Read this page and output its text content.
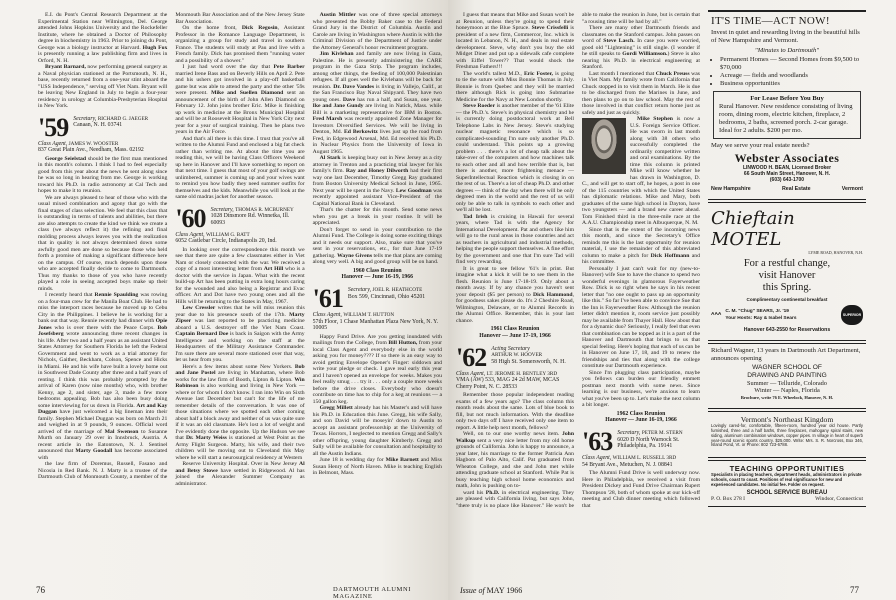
E.I. du Pont's Central Research Department at the Experimental Station near Wilmington, Del. George attended Johns Hopkins University and the Rockefeller Institute, where he obtained a Doctor of Philosophy degree in biochemistry in 1963. Prior to joining du Pont, George was a biology instructor at Harvard. Hugh Fox is presently running a law publishing firm and lives in Orford, N. H.

Bryant Barnard, now performing general surgery as a Naval physician stationed at the Portsmouth, N. H., base, recently returned from a one-year stint aboard the "USS Independence," serving off Viet Nam. Bryant will be leaving New England in July to begin a four-year residency in urology at Columbia-Presbyterian Hospital in New York.

'59 Secretary, RICHARD G. JAEGER
Canaan, N. H. 03741
Class Agent, JAMES W. WOOSTER
837 Great Plain Ave., Needham, Mass. 02192

George Seielstad should be the first man mentioned in this month's column. I think I had to feel especially good from this year about the news he sent along since he was so long in hearing from me. George is working toward his Ph.D. in radio astronomy at Cal Tech and hopes to make it to reunion.

We are always pleased to hear of those who with the usual mixed combination and agony that go with the final stages of class selection. We feel that this class that is outstanding in terms of talents and abilities, but there are also attempts to create the kind we think we create a class (we always reflect it) the refining and final molding process always leaves you with the realization that in quality is not always determined down some awfully good men are done so because those who held forth a promise of making a significant difference here on the campus. Of course, much depends upon those who are accepted finally decide to come to Dartmouth. Thus my thanks to those of you who have recently played a role in seeing accepted boys make up their minds.

I recently heard that Rennie Spaulding was rowing on a four-man crew for the Manila Boat Club. He had to miss the interport races because he moved up to Cebu City in the Philippines. I believe he is working for a bank out that way. Rennie recently had dinner with Opie Jones who is over there with the Peace Corps. Bob Josefsberg wrote announcing three recent changes in his life. After two and a half years as an assistant United States Attorney for Southern Florida he left the Federal Government and went to work as a trial attorney for Nichols, Gaither, Beckham, Colson, Spence and Hicks in Miami. He and his wife have built a lovely home out in Southwest Dade County after three and a half years of renting. I think this was probably prompted by the arrival of Karen (now nine months) who, with brother Kenny, age 2, and sister, age 3, made a few more bedrooms appealing. Bob has also been busy doing some interviewing for us down in Florida. Art and Kay Duggan have just welcomed a big lineman into their family. Stephen Michael Duggan was born on March 21 and weighed in at 9 pounds, 9 ounces. Official word arrived of the marriage of Mal Swenson to Susanne Murth on January 29 over in Innsbruck, Austria. A recent article in the Eatontown, N. J. Sentinel announced that Marty Goodall has become associated with

the law firm of Doremus, Russell, Fasano and Nicosia in Red Bank. N. J. Marty is a trustee of the Dartmouth Club of Monmouth County, a member of the Monmouth Bar Association and of the New Jersey State Bar Association.

On the home front, Dick Regosin, Assistant Professor in the Romance Language Department, is organizing a group for study and travel in southern France. The students will study at Pau and live with a French family. Dick has promised them "running water and a possibility of a shower."

I just had word over the day that Pete Barber married Irene Bass and on Beverly Hills on April 2. Pete and his ushers got involved in a play-off basketball game but was able to attend the party and the other '59s were present. Mike and Suellen Diamond sent an announcement of the birth of John Allen Diamond on February 12. John joins brother Eric. Mike is finishing up work in medicine at the Bronx Municipal Hospital and will be at Roosevelt Hospital in New York City next year for a year of surgical training. Then he plans two years in the Air Force.

And that's all there is this time. I trust that you've all written to the Alumni Fund and enclosed a big fat check rather than writing me. At about the time you are reading this, we will be having Class Officers Weekend up here in Hanover and I'll have something to report on that next time. I guess that most of your golf swings are unlimbered, summer is coming up and your wives want to remind you how badly they need summer outfits for themselves and the kids. Meanwhile you will look at the same old madras jacket for another season.

'60 Secretary, THOMAS R. MCBURNEY
1028 Dinsmore Rd. Winnetka, Ill. 60093
Class Agent, WILLIAM G. BATT
6052 Castlebar Circle, Indianapolis 20, Ind.

In looking over the correspondence this month we see that there are quite a few classmates either in Viet Nam or closely connected with the war. We received a copy of a most interesting letter from Art Hill who is a doctor with the service in Japan. What with the recent build-up Art has been putting in extra long hours caring for the wounded and also being a Registrar and Evac officer. Art and Dot have two young ones and all the Hills will be returning to the States in May, 1967.

Lew Cressler writes that he will miss reunion this year due to his presence south of the 17th. Marty Zipser was last reported to be practicing medicine aboard a U.S. destroyer off the Viet Nam Coast. Captain Bernard Doe is back in Saigon with the Army Intelligence and working on the staff at the Headquarters of the Military Assistance Commander. I'm sure there are several more stationed over that way, let us hear from you.

Here's a few items about some New Yorkers. Bob and Jane Postel are living in Manhattan, where Bob works for the law firm of Booth, Lipton & Lipton. Win Robinson is also working and living in New York — where or for whom I don't know. I ran into Win on Sixth Avenue last December but can't for the life of me remember details of the conversation. It was one of those situations where we spotted each other coming about half a block away and neither of us was quite sure if it was an old classmate. He's lost a lot of weight and I've evidently done the opposite. Up the Hudson we see that Dr. Marty Weiss is stationed at West Point as the Army Flight Surgeon. Marty, his wife, and their two children will be moving out to Cleveland this May where he will start a neurosurgical residency at Western

Reserve University Hospital. Over in New Jersey Al and Betsy Stowe have settled in Ridgewood. Al has joined the Alexander Summer Company as administrator.

Austin Mittler was one of three special attorneys who presented the Bobby Baker case to the Federal Grand Jury in the District of Columbia. Austin and Carole are living in Washington where Austin is with the Criminal Division of the Department of Justice under the Attorney General's honor recruitment program.

Jim Kivlehan and family are now living in Gaza, Palestine. He is presently administering the CARE program in the Gaza Strip. The program includes, among other things, the feeding of 100,000 Palestinian refugees. If all goes well the Kivlehans will be back for reunion. Dr. Dave Vandes is living in Vallejo, Calif., at the San Francisco Bay Naval Shipyard. They have two young ones. Dave has run a half, and Susan, one year. Ike and Jane Gundy are living in Natick, Mass. while Bill is a marketing representative for IBM in Boston. Fred Marsh was recently appointed Zone Manager for Investors Diversified Services. We will be living in Denton, Md. Ed Berkowitz lives just up the road from Fred, in Edgewood Arsenal, Md. Ed received his Ph.D. in Nuclear Physics from the University of Iowa in August 1965.

Al Stark is keeping busy out in New Jersey as a city attorney in Trenton and a practicing trial lawyer for his family's firm. Ray and Honey Dilworth had their first way one last December, Timothy Gregg Ray graduated from Boston University Medical School in June, 1965. Next year will be spent in the Navy. Lew Goodman was recently appointed assistant Vice-President of the Capital National Bank in Cleveland.

That's the chatter for this month. Send some news when you get a break in your routine. It will be appreciated.

Don't forget to send in your contribution to the Alumni Fund. The College is doing some exciting things and it needs our support. Also, make sure that you've sent in your reservations, etc., for that June 17-19 gathering. Wayne Givens tells me that plans are coming along very well. A big and good group will be on hand.

1960 Class Reunion
Hanover — June 16-19, 1966
'61 Secretary, JOEL R. HEATHCOTE
Box 599, Cincinnati, Ohio 45201
Class Agent, WILLIAM T. HUTTON
57th Floor, 1 Chase Manhattan Plaza New York, N. Y. 10005

Happy Fund Drive. Are you getting inundated with mailings from the College, from Bill Hutton, from your local Class Agent and everybody else in the world asking you for money???? If so there is an easy way to avoid getting Envelope Opener's Finger: siddown and write your pledge or check. I gave real early this year and I haven't opened an envelope for weeks. Makes you feel really smug . . . try it . . . only a couple more weeks before the drive closes. Everybody who doesn't contribute on time has to chip for a keg at reunions — a 150 gallon keg.

Gregg Millett already has his Master's and will have his Ph.D. in Education this June. Gregg, his wife Sally, and son David will be moseyin' down to Austin to accept an assistant professorship at the University of Texas. Horrors, I neglected to mention Gregg and Sally's other offspring, young daughter Kimberly. Gregg and Sally will be available for consultation and hospitality to all the Austin Indians.

June 18 is wedding day for Mike Barnett and Miss Susan Henry of North Haven. Mike is teaching English in Belmont, Mass.

76	DARTMOUTH ALUMNI MAGAZINE

I guess that means that Mike and Susan won't be at Reunion, unless they're going to spend their honeymoon at the Blue Spruce. Steve Crissfelli is president of a new firm, Commercor, Inc. which is located in Lebanon, N. H., and deals in real estate development. Steve, why don't you buy the old Midget Diner and put up a sidewalk cafe complete with Eiffel Tower?? That would shock the Freshman Fathers!!!

The world's tallest M.D., Eric Foster, is going to tie the suture with Miss Bonnie Thomas in July. Bonnie is from Quebec and they will be married there although Rick is going into Submarine Medicine for the Navy at New London shortly.

Steve Roeder is another member of the '61 Elite — the Ph.D.'s. Steve's in physical chemistry and he is currently doing postdoctoral work at Bell Telephone Labs in New Jersey. Steve's studying nuclear magnetic resonance which is so complicated-sounding I'm sure only another Ph.D. could understand. This points up a growing problem . . . there's a lot of cheap talk about the take-over of the computers and how machines talk to each other and all and how terrible that is, but there is another, more frightening menace — SuperIntellectual Reaction which is closing in on the rest of us. There's a lot of cheap Ph.D. and other degrees — think of the day when there will be only degreed men in the world and the rest of us will only be able to talk in symbols to each other and we'll all be lost.

Tad Irish is cruising in Hawaii for several years, where Tad is with the Agency for International Development. Pat and others like him will go to the rural areas in those countries and act as teachers in agricultural and industrial methods, helping the people support themselves. A fine effort by the government and one that I'm sure Tad will find very rewarding.

It is great to see fellow '61's in print. But imagine what a kick it will be to see them in the flesh. Reunion is June 17-18-19. Only about a month away. If by any chance you haven't sent your deposit ($5 per person) to Dick Hammond, for goodness sakes please do. It's 2 Cheshire Road, Wilmington, Delaware, or to Alumni Records in the Alumni Office. Remember, this is your last chance.

1961 Class Reunion
Hanover — June 17-19, 1966
'62 Acting Secretary
ARTHUR W. HOOVER
58 High St. Somersworth, N. H.
Class Agent, LT. JEROME H. BENTLEY 3RD
VMA (AW) 533, MAG 24 2d MAW, MCAS Cherry Point, N. C. 28533

Remember those popular independent reading exams of a few years ago? The class column this month reads about the same. Lots of blue book to fill, but not much information. With the deadline only two days off I have received only one item to report. A little help next month, fellows?

Well, on to our one worthy news item. John Walkup sent a very nice letter from my old home grounds of California. John is happy to announce, a year later, his marriage to the former Patricia Ann Hagbom of Palo Alto, Calif. Pat graduated from Wheaton College, and she and John met while attending graduate school at Stanford. While Pat is busy teaching high school home economics and math, John is pushing on to-

ward his Ph.D. in electrical engineering. They are pleased with California living, but says John, "there truly is no place like Hanover." He won't be able to make the reunion in June, but is certain that "a rousing time will be had by all."

There are many other Dartmouth friends and classmates on the Stanford campus. John passes on word of Steve Lasch. In case you were worried, good old "Lightening" is still single. (I wonder if he still speaks to Gordi Williamson.) Steve is also nearing his Ph.D. in electrical engineering at Stanford.

Last month I mentioned that Chuck Preuss was in Viet Nam. My family wrote from California that Chuck stopped in to visit them in March. He is due to be discharged from the Marines in June, and then plans to go on to law school. May the rest of those involved in that conflict return home just as safely and just as quickly.

Mike Stephen is now a U.S. Foreign Service Officer. He was sworn in last month along with 38 others who successfully completed the ordinarily competitive written and oral examinations. By the time this column is printed Mike will know whether he has drawn in Washington, D. C., and will get to start off, he hopes, a post in one of the 115 countries with which the United States has diplomatic relations. Mike and Mary, both graduates of the same high school in Dayton, have two youngsters — and a brand new career ahead. Tom Finished third in the three-mile race at the A.A.U. Championship meet in Albuquerque, N. M.

Since that is the extent of the incoming news this month, and since the Secretary's Office reminds me this is the last opportunity for reunion material, I use the remainder of this abbreviated column to make a pitch for Dick Hoffmann and his committee.

Personally I just can't wait for my (new-to-Hanover) wife Sue to have the chance to spend two wonderful evenings in glamorous Fayerweather Row. Dick is so right when he says in his recent letter that "no one ought to pass up an opportunity like this." So far I've been able to convince Sue that the Inn is Fayerweather Row. Although the reunion letter didn't mention it, room service just possibly may be available from Thayer Hall. How about that for a dynamic duo? Seriously, I really feel that even that combination can be topped as it is a part of the Hanover and Dartmouth that brings to us that special feeling. Here's hoping that each of us can be in Hanover on June 17, 18, and 19 to renew the friendships and ties that along with the college constitute our Dartmouth experience.

Since I'm plugging class participation, maybe you fellows can burden our friendly emmett postman next month with some news. Since learning is our business, we're anxious to learn what you've been up to. Let's make the next column a bit longer.

1962 Class Reunion
Hanover — June 16-19, 1966
'63 Secretary, PETER M. STERN
6020 D North Warnock St. Philadelphia, Pa. 19141
Class Agent, WILLIAM L. RUSSELL 3RD
54 Bryant Ave., Metuchen, N. J. 08841

The Alumni Fund Drive is well underway now. Here in Philadelphia, we received a visit from President Dickey and Fund Drive Chairman Rupert Thompson '28, both of whom spoke at our kick-off meeting and Club dinner meeting which followed that

Issue of MAY 1966	77
IT'S TIME—ACT NOW!

Invest in quiet and rewarding living in the beautiful hills of New Hampshire and Vermont.

"Minutes to Dartmouth"

• Permanent Homes — Second Homes from $9,500 to $70,000
• Acreage — fields and woodlands
• Business opportunities
For Lease Before You Buy
Rural Hanover. New residence consisting of living room, dining room, electric kitchen, fireplace, 2 bedrooms, 2 baths, screened porch. 2-car garage. Ideal for 2 adults. $200 per mo.

May we serve your real estate needs?

Webster Associates
LINWOOD H. BEAN, Licensed Broker
66 South Main Street, Hanover, N. H.
(603) 643-1700
New Hampshire	Real Estate	Vermont
Chieftain MOTEL
LYME ROAD, HANOVER, N.H.
For a restful change,
visit Hanover
this Spring.

Complimentary continental breakfast

AAA
C. M. "Chug" SEARS, Jr. '19
Your Hosts: Ray & Isabel Sears
SUPERIOR
Hanover 643-2550 for Reservations

Richard Wagner, 13 years in Dartmouth Art Department, announces opening

WAGNER SCHOOL OF
DRAWING AND PAINTING
Summer — Telluride, Colorado
Winter — Naples, Florida
Brochure, write 76 E. Wheelock, Hanover, N. H.
Vermont's Northeast Kingdom

Lovingly cared-for, comfortable, fifteen-room, hundred year old house. Partly furnished, three and a half baths, three fireplaces, mahogany spiral stairs, new siding, aluminum combination windows, copper pipes. In village in heart of superb year-round scenic sports country. $25,000. Write: Mrs. S. R. Norcross, Box 346, Island Pond, Vt. or Phone: 802 723-6788.

TEACHING OPPORTUNITIES

Specialists in placing teachers, department heads, administrators in private schools, coast to coast. Positions of real significance for new and experienced candidates. No initial fee. Folder on request.

SCHOOL SERVICE BUREAU
P. O. Box 278 I	Windsor, Connecticut
